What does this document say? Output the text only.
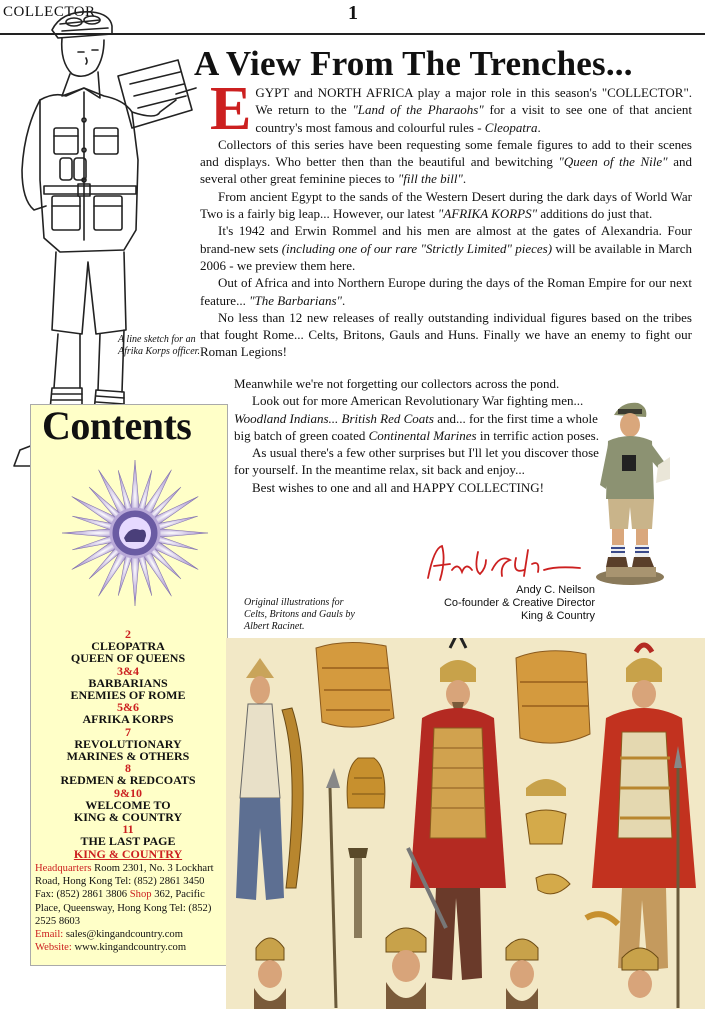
COLLECTOR	1
A line sketch for an Afrika Korps officer.
A View From The Trenches...

EGYPT and NORTH AFRICA play a major role in this season's "COLLECTOR". We return to the "Land of the Pharaohs" for a visit to see one of that ancient country's most famous and colourful rules - Cleopatra.

Collectors of this series have been requesting some female figures to add to their scenes and displays. Who better then than the beautiful and bewitching "Queen of the Nile" and several other great feminine pieces to "fill the bill".

From ancient Egypt to the sands of the Western Desert during the dark days of World War Two is a fairly big leap... However, our latest "AFRIKA KORPS" additions do just that.

It's 1942 and Erwin Rommel and his men are almost at the gates of Alexandria. Four brand-new sets (including one of our rare "Strictly Limited" pieces) will be available in March 2006 - we preview them here.

Out of Africa and into Northern Europe during the days of the Roman Empire for our next feature... "The Barbarians".

No less than 12 new releases of really outstanding individual figures based on the tribes that fought Rome... Celts, Britons, Gauls and Huns. Finally we have an enemy to fight our Roman Legions!

Meanwhile we're not forgetting our collectors across the pond.

Look out for more American Revolutionary War fighting men... Woodland Indians... British Red Coats and... for the first time a whole big batch of green coated Continental Marines in terrific action poses.

As usual there's a few other surprises but I'll let you discover those for yourself. In the meantime relax, sit back and enjoy...

Best wishes to one and all and HAPPY COLLECTING!

Andy C. Neilson
Co-founder & Creative Director
King & Country
Original illustrations for Celts, Britons and Gauls by Albert Racinet.
Contents
2
CLEOPATRA
QUEEN OF QUEENS
3&4
BARBARIANS
ENEMIES OF ROME
5&6
AFRIKA KORPS
7
REVOLUTIONARY
MARINES & OTHERS
8
REDMEN & REDCOATS
9&10
WELCOME TO
KING & COUNTRY
11
THE LAST PAGE
KING & COUNTRY
Headquarters Room 2301, No. 3 Lockhart Road, Hong Kong Tel: (852) 2861 3450 Fax: (852) 2861 3806 Shop 362, Pacific Place, Queensway, Hong Kong Tel: (852) 2525 8603
Email: sales@kingandcountry.com
Website: www.kingandcountry.com
